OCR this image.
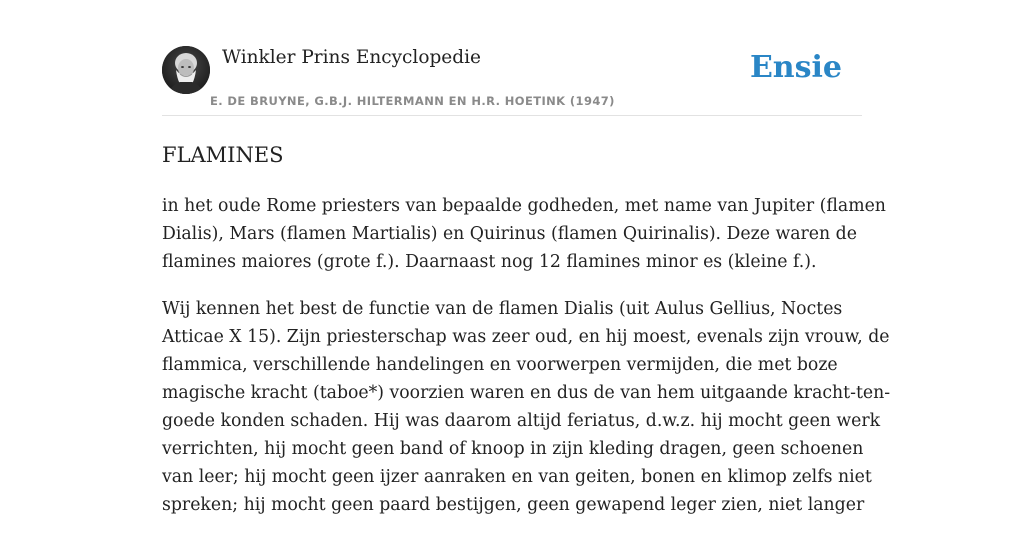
Winkler Prins Encyclopedie
E. DE BRUYNE, G.B.J. HILTERMANN EN H.R. HOETINK (1947)
Ensie
FLAMINES

in het oude Rome priesters van bepaalde godheden, met name van Jupiter (flamen
Dialis), Mars (flamen Martialis) en Quirinus (flamen Quirinalis). Deze waren de
flamines maiores (grote f.). Daarnaast nog 12 flamines minor es (kleine f.).

Wij kennen het best de functie van de flamen Dialis (uit Aulus Gellius, Noctes
Atticae X 15). Zijn priesterschap was zeer oud, en hij moest, evenals zijn vrouw, de
flammica, verschillende handelingen en voorwerpen vermijden, die met boze
magische kracht (taboe*) voorzien waren en dus de van hem uitgaande kracht-ten-
goede konden schaden. Hij was daarom altijd feriatus, d.w.z. hij mocht geen werk
verrichten, hij mocht geen band of knoop in zijn kleding dragen, geen schoenen
van leer; hij mocht geen ijzer aanraken en van geiten, bonen en klimop zelfs niet
spreken; hij mocht geen paard bestijgen, geen gewapend leger zien, niet langer
